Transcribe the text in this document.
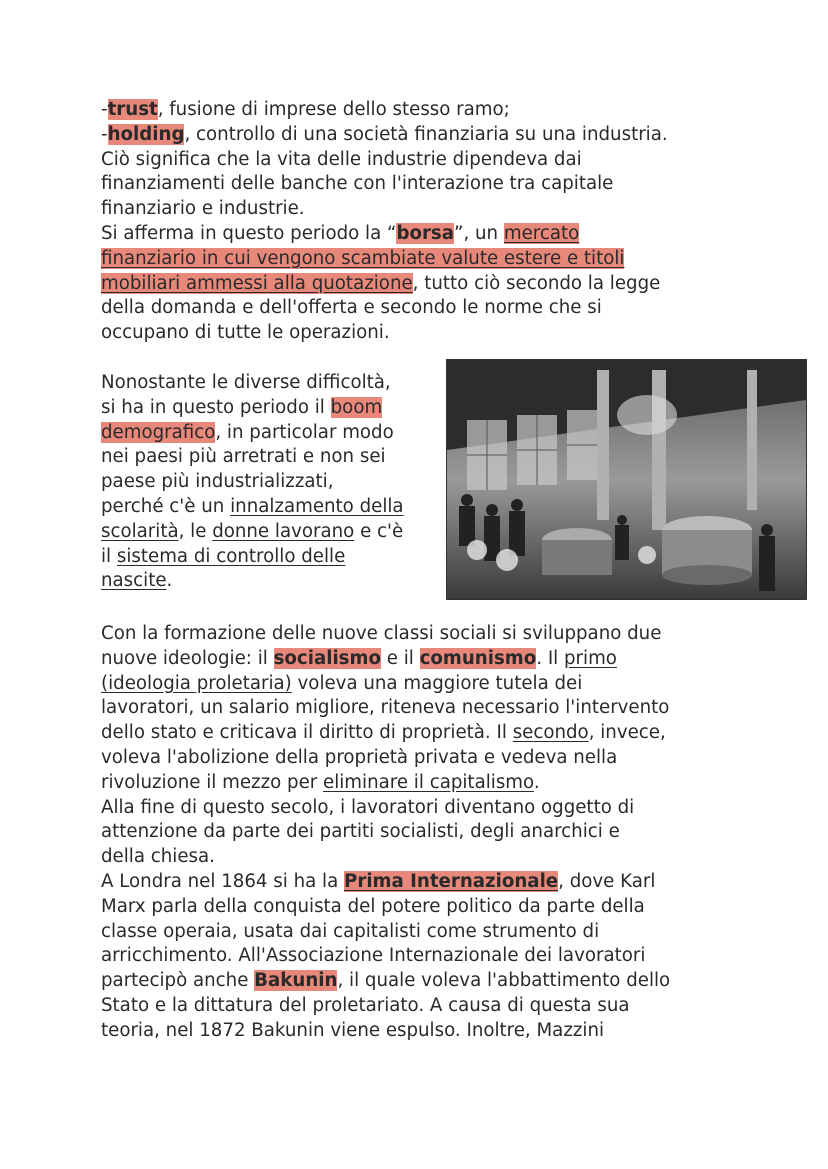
-trust, fusione di imprese dello stesso ramo;
-holding, controllo di una società finanziaria su una industria.
Ciò significa che la vita delle industrie dipendeva dai
finanziamenti delle banche con l'interazione tra capitale
finanziario e industrie.
Si afferma in questo periodo la “borsa”, un mercato
finanziario in cui vengono scambiate valute estere e titoli
mobiliari ammessi alla quotazione, tutto ciò secondo la legge
della domanda e dell'offerta e secondo le norme che si
occupano di tutte le operazioni.
Nonostante le diverse difficoltà,
si ha in questo periodo il boom
demografico, in particolar modo
nei paesi più arretrati e non sei
paese più industrializzati,
perché c'è un innalzamento della
scolarità, le donne lavorano e c'è
il sistema di controllo delle
nascite.
Con la formazione delle nuove classi sociali si sviluppano due
nuove ideologie: il socialismo e il comunismo. Il primo
(ideologia proletaria) voleva una maggiore tutela dei
lavoratori, un salario migliore, riteneva necessario l'intervento
dello stato e criticava il diritto di proprietà. Il secondo, invece,
voleva l'abolizione della proprietà privata e vedeva nella
rivoluzione il mezzo per eliminare il capitalismo.
Alla fine di questo secolo, i lavoratori diventano oggetto di
attenzione da parte dei partiti socialisti, degli anarchici e
della chiesa.
A Londra nel 1864 si ha la Prima Internazionale, dove Karl
Marx parla della conquista del potere politico da parte della
classe operaia, usata dai capitalisti come strumento di
arricchimento. All'Associazione Internazionale dei lavoratori
partecipò anche Bakunin, il quale voleva l'abbattimento dello
Stato e la dittatura del proletariato. A causa di questa sua
teoria, nel 1872 Bakunin viene espulso. Inoltre, Mazzini
